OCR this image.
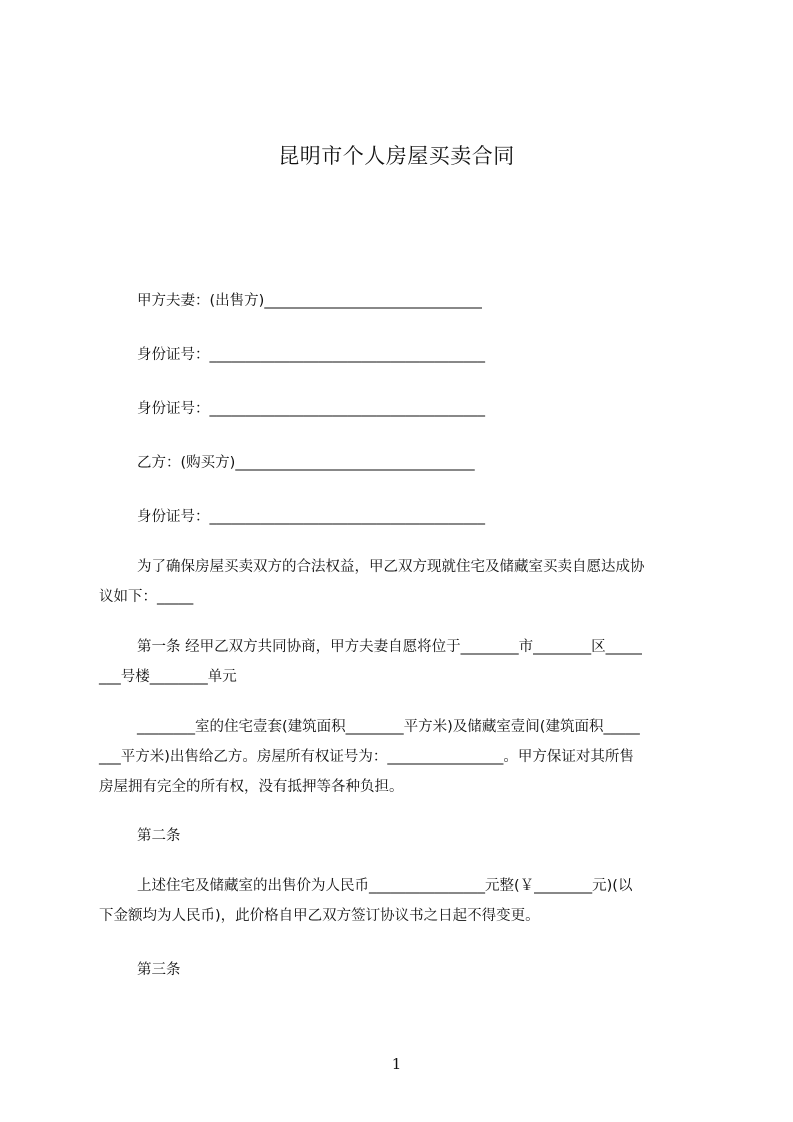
昆明市个人房屋买卖合同
甲方夫妻：(出售方)______________________________
身份证号：______________________________________
身份证号：______________________________________
乙方：(购买方)_________________________________
身份证号：______________________________________
为了确保房屋买卖双方的合法权益，甲乙双方现就住宅及储藏室买卖自愿达成协
议如下：_____
第一条 经甲乙双方共同协商，甲方夫妻自愿将位于________市________区_____
___号楼________单元
________室的住宅壹套(建筑面积________平方米)及储藏室壹间(建筑面积_____
___平方米)出售给乙方。房屋所有权证号为：________________。甲方保证对其所售
房屋拥有完全的所有权，没有抵押等各种负担。
第二条
上述住宅及储藏室的出售价为人民币________________元整(￥________元)(以
下金额均为人民币)，此价格自甲乙双方签订协议书之日起不得变更。
第三条
1
